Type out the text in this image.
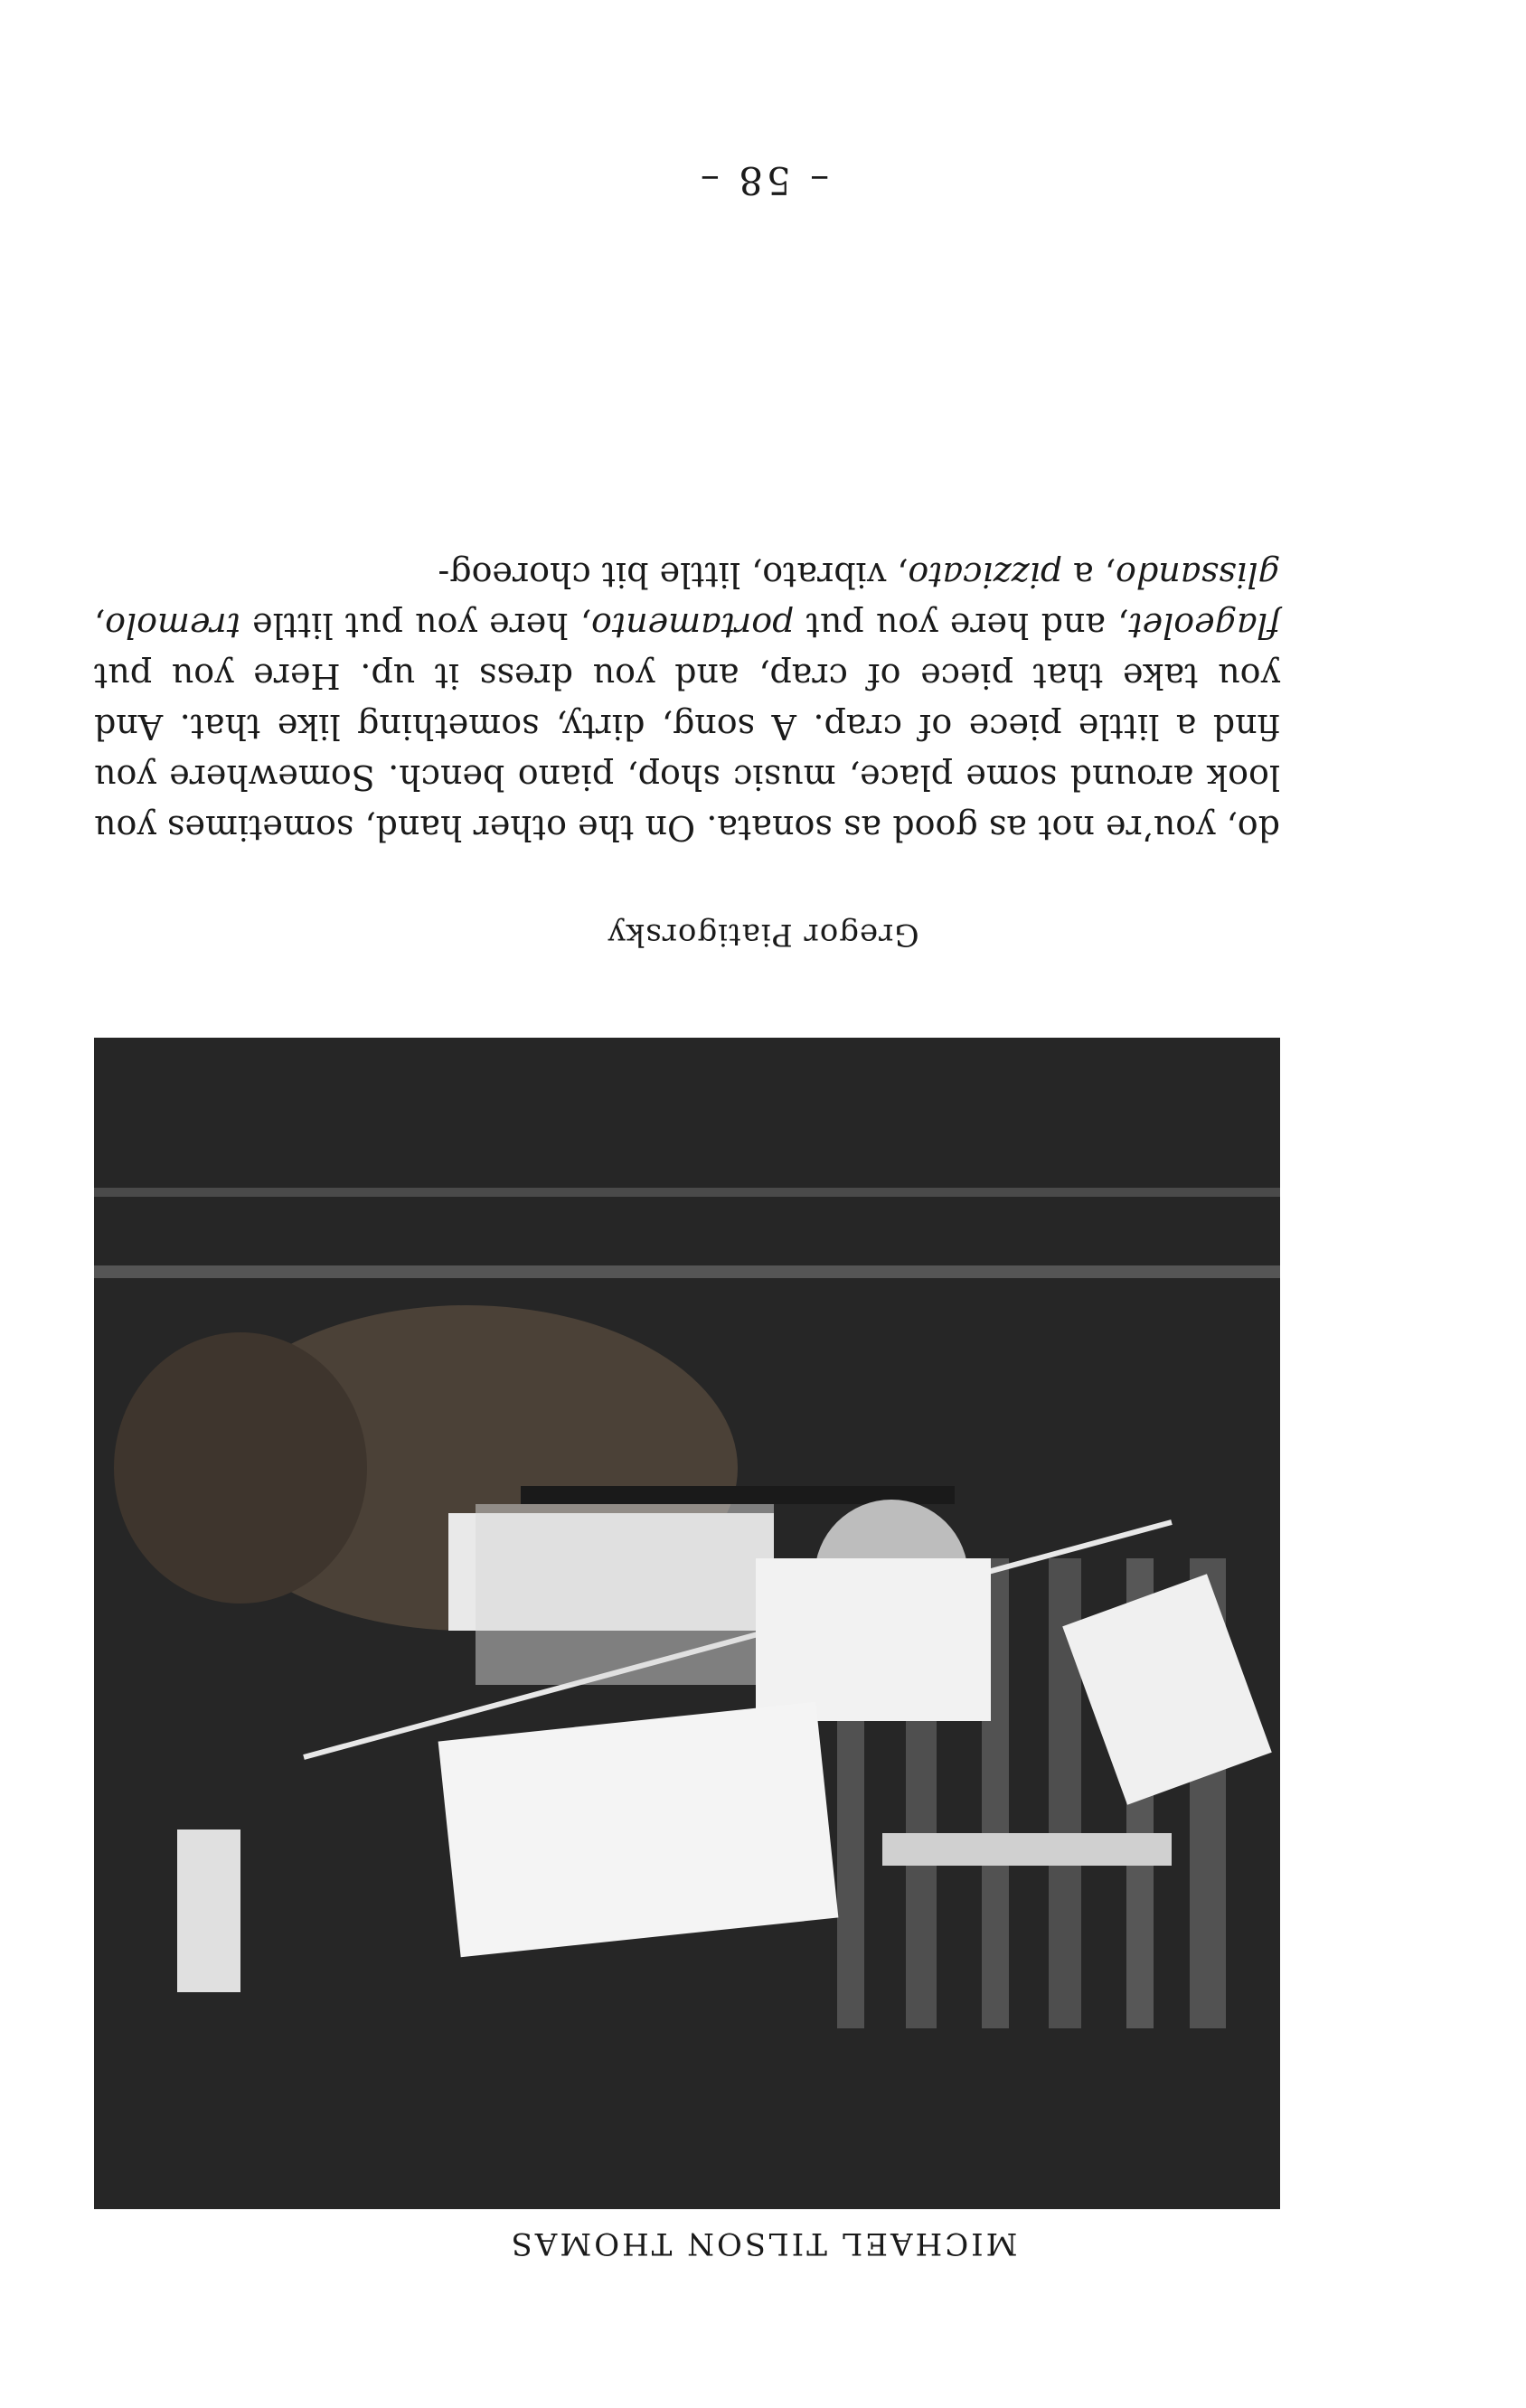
MICHAEL TILSON THOMAS
Gregor Piatigorsky

do, you’re not as good as sonata. On the other hand, sometimes you look around some place, music shop, piano bench. Somewhere you find a little piece of crap. A song, dirty, something like that. And you take that piece of crap, and you dress it up. Here you put flageolet, and here you put portamento, here you put little tremolo, glissando, a pizzicato, vibrato, little bit choreog-

– 58 –
